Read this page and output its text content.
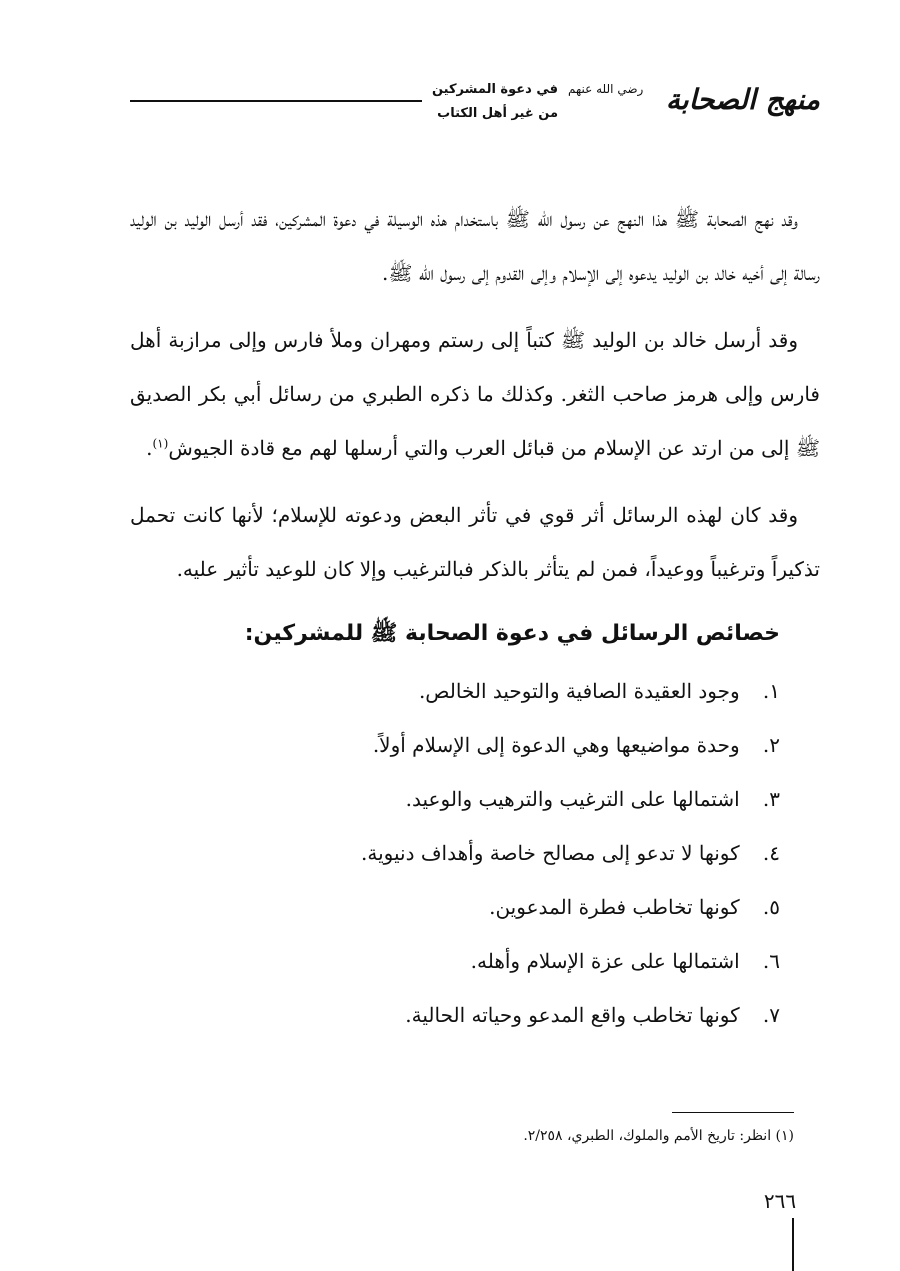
في دعوة المشركين
من غير أهل الكتاب
رضي الله عنهم منهج الصحابة

وقد نهج الصحابة ﷺ هذا النهج عن رسول الله ﷺ باستخدام هذه الوسيلة في دعوة المشركين، فقد أرسل الوليد بن الوليد رسالة إلى أخيه خالد بن الوليد يدعوه إلى الإسلام وإلى القدوم إلى رسول الله ﷺ.

وقد أرسل خالد بن الوليد ﷺ كتباً إلى رستم ومهران وملأ فارس وإلى مرازبة أهل فارس وإلى هرمز صاحب الثغر. وكذلك ما ذكره الطبري من رسائل أبي بكر الصديق ﷺ إلى من ارتد عن الإسلام من قبائل العرب والتي أرسلها لهم مع قادة الجيوش$^{(١)}$.

وقد كان لهذه الرسائل أثر قوي في تأثر البعض ودعوته للإسلام؛ لأنها كانت تحمل تذكيراً وترغيباً ووعيداً، فمن لم يتأثر بالذكر فبالترغيب وإلا كان للوعيد تأثير عليه.

خصائص الرسائل في دعوة الصحابة ﷺ للمشركين:
١. وجود العقيدة الصافية والتوحيد الخالص.
٢. وحدة مواضيعها وهي الدعوة إلى الإسلام أولاً.
٣. اشتمالها على الترغيب والترهيب والوعيد.
٤. كونها لا تدعو إلى مصالح خاصة وأهداف دنيوية.
٥. كونها تخاطب فطرة المدعوين.
٦. اشتمالها على عزة الإسلام وأهله.
٧. كونها تخاطب واقع المدعو وحياته الحالية.
(١) انظر: تاريخ الأمم والملوك، الطبري، ٢/٢٥٨.
٢٦٦
